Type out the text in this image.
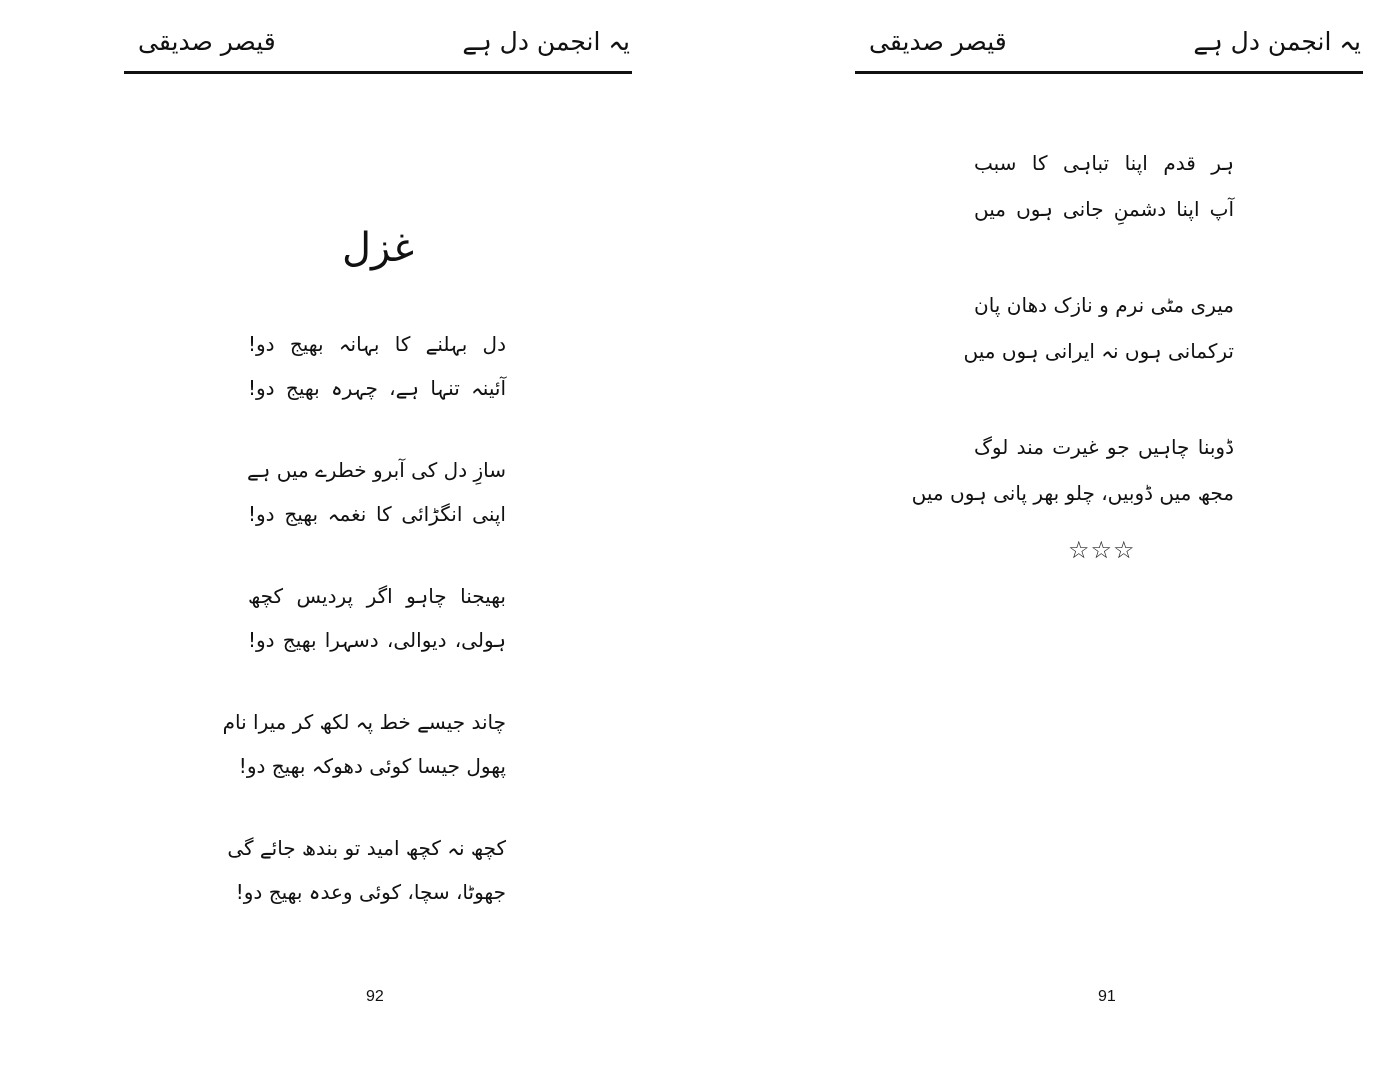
یہ انجمن دل ہے
قیصر صدیقی
غزل
دل بہلنے کا بہانہ بھیج دو!
آئینہ تنہا ہے، چہرہ بھیج دو!
سازِ دل کی آبرو خطرے میں ہے
اپنی انگڑائی کا نغمہ بھیج دو!
بھیجنا چاہو اگر پردیس کچھ
ہولی، دیوالی، دسہرا بھیج دو!
چاند جیسے خط پہ لکھ کر میرا نام
پھول جیسا کوئی دھوکہ بھیج دو!
کچھ نہ کچھ امید تو بندھ جائے گی
جھوٹا، سچا، کوئی وعدہ بھیج دو!
92
یہ انجمن دل ہے
قیصر صدیقی
ہر قدم اپنا تباہی کا سبب
آپ اپنا دشمنِ جانی ہوں میں
میری مٹی نرم و نازک دھان پان
ترکمانی ہوں نہ ایرانی ہوں میں
ڈوبنا چاہیں جو غیرت مند لوگ
مجھ میں ڈوبیں، چلو بھر پانی ہوں میں
☆☆☆
91
